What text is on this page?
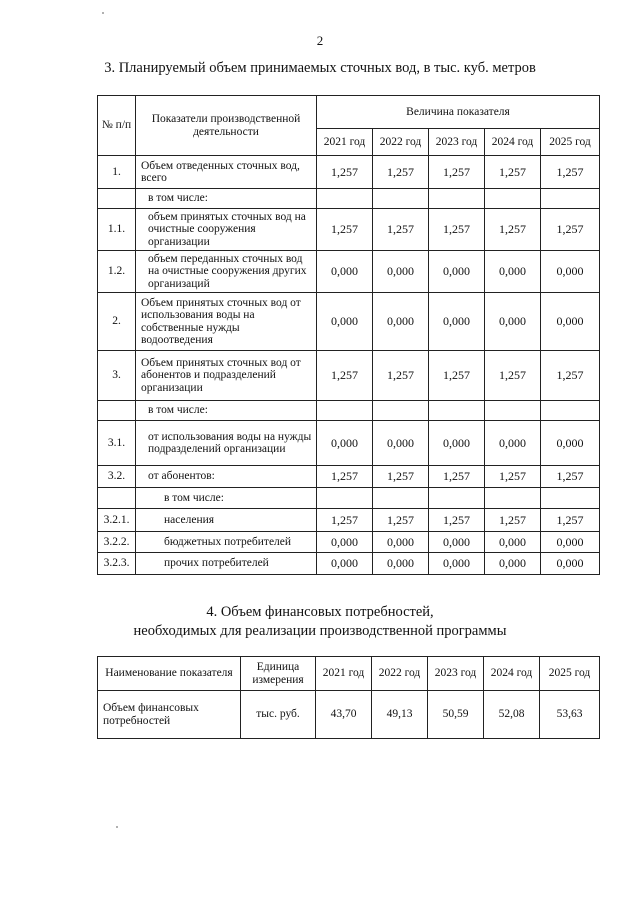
2
3. Планируемый объем принимаемых сточных вод, в тыс. куб. метров
№ п/п	Показатели производственной деятельности	Величина показателя				
		2021 год	2022 год	2023 год	2024 год	2025 год
1.	Объем отведенных сточных вод, всего	1,257	1,257	1,257	1,257	1,257
	в том числе:					
1.1.	объем принятых сточных вод на очистные сооружения организации	1,257	1,257	1,257	1,257	1,257
1.2.	объем переданных сточных вод на очистные сооружения других организаций	0,000	0,000	0,000	0,000	0,000
2.	Объем принятых сточных вод от использования воды на собственные нужды водоотведения	0,000	0,000	0,000	0,000	0,000
3.	Объем принятых сточных вод от абонентов и подразделений организации	1,257	1,257	1,257	1,257	1,257
	в том числе:					
3.1.	от использования воды на нужды подразделений организации	0,000	0,000	0,000	0,000	0,000
3.2.	от абонентов:	1,257	1,257	1,257	1,257	1,257
	в том числе:					
3.2.1.	населения	1,257	1,257	1,257	1,257	1,257
3.2.2.	бюджетных потребителей	0,000	0,000	0,000	0,000	0,000
3.2.3.	прочих потребителей	0,000	0,000	0,000	0,000	0,000
4. Объем финансовых потребностей,
необходимых для реализации производственной программы
Наименование показателя	Единица измерения	2021 год	2022 год	2023 год	2024 год	2025 год
Объем финансовых потребностей	тыс. руб.	43,70	49,13	50,59	52,08	53,63
